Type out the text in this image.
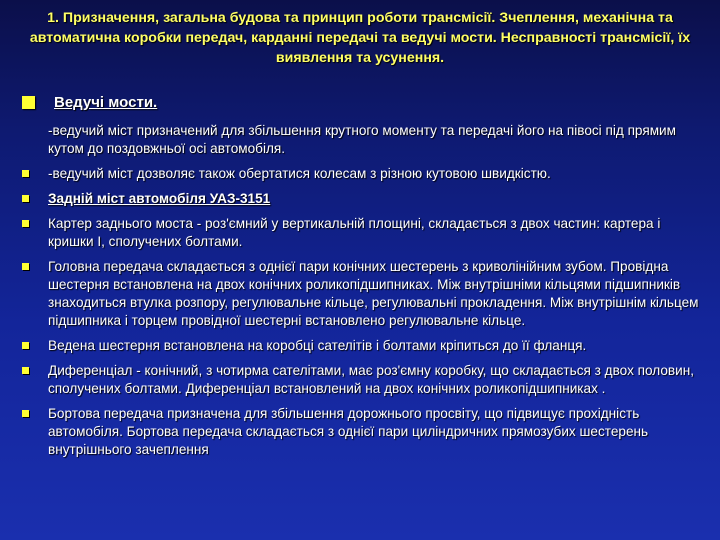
1. Призначення, загальна будова та принцип роботи трансмісії. Зчеплення, механічна та автоматична коробки передач, карданні передачі та ведучі мости. Несправності трансмісії, їх виявлення та усунення.
Ведучі мости.
-ведучий міст призначений для збільшення крутного моменту та передачі його на півосі під прямим кутом до поздовжньої осі автомобіля.
-ведучий міст дозволяє також обертатися колесам з різною кутовою швидкістю.
Задній міст автомобіля УАЗ-3151
Картер заднього моста - роз'ємний у вертикальній площині, складається з двох частин: картера і кришки І, сполучених болтами.
Головна передача складається з однієї пари конічних шестерень з криволінійним зубом. Провідна шестерня встановлена на двох конічних роликопідшипниках. Між внутрішніми кільцями підшипників знаходиться втулка розпору, регулювальне кільце, регулювальні прокладення. Між внутрішнім кільцем підшипника і торцем провідної шестерні встановлено регулювальне кільце.
Ведена шестерня встановлена на коробці сателітів і болтами кріпиться до її фланця.
Диференціал - конічний, з чотирма сателітами, має роз'ємну коробку, що складається з двох половин, сполучених болтами. Диференціал встановлений на двох конічних роликопідшипниках .
Бортова передача призначена для збільшення дорожнього просвіту, що підвищує прохідність автомобіля. Бортова передача складається з однієї пари циліндричних прямозубих шестерень внутрішнього зачеплення
